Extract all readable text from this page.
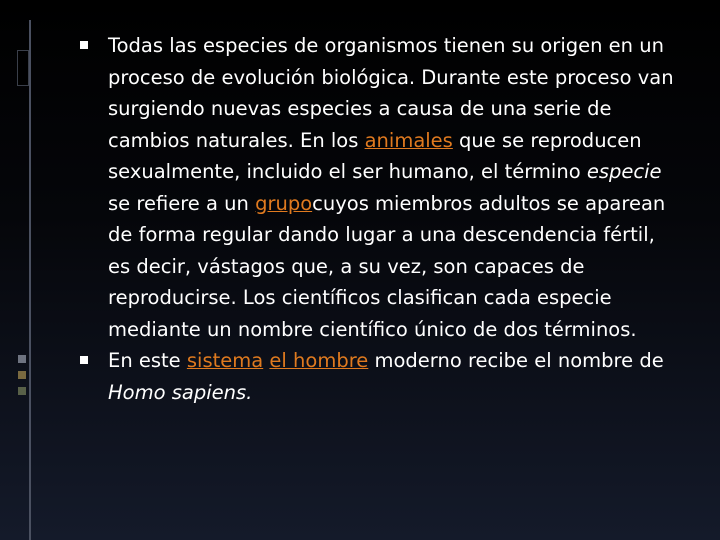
Todas las especies de organismos tienen su origen en un proceso de evolución biológica. Durante este proceso van surgiendo nuevas especies a causa de una serie de cambios naturales. En los animales que se reproducen sexualmente, incluido el ser humano, el término especie se refiere a un grupocuyos miembros adultos se aparean de forma regular dando lugar a una descendencia fértil, es decir, vástagos que, a su vez, son capaces de reproducirse. Los científicos clasifican cada especie mediante un nombre científico único de dos términos.

En este sistema el hombre moderno recibe el nombre de Homo sapiens.
